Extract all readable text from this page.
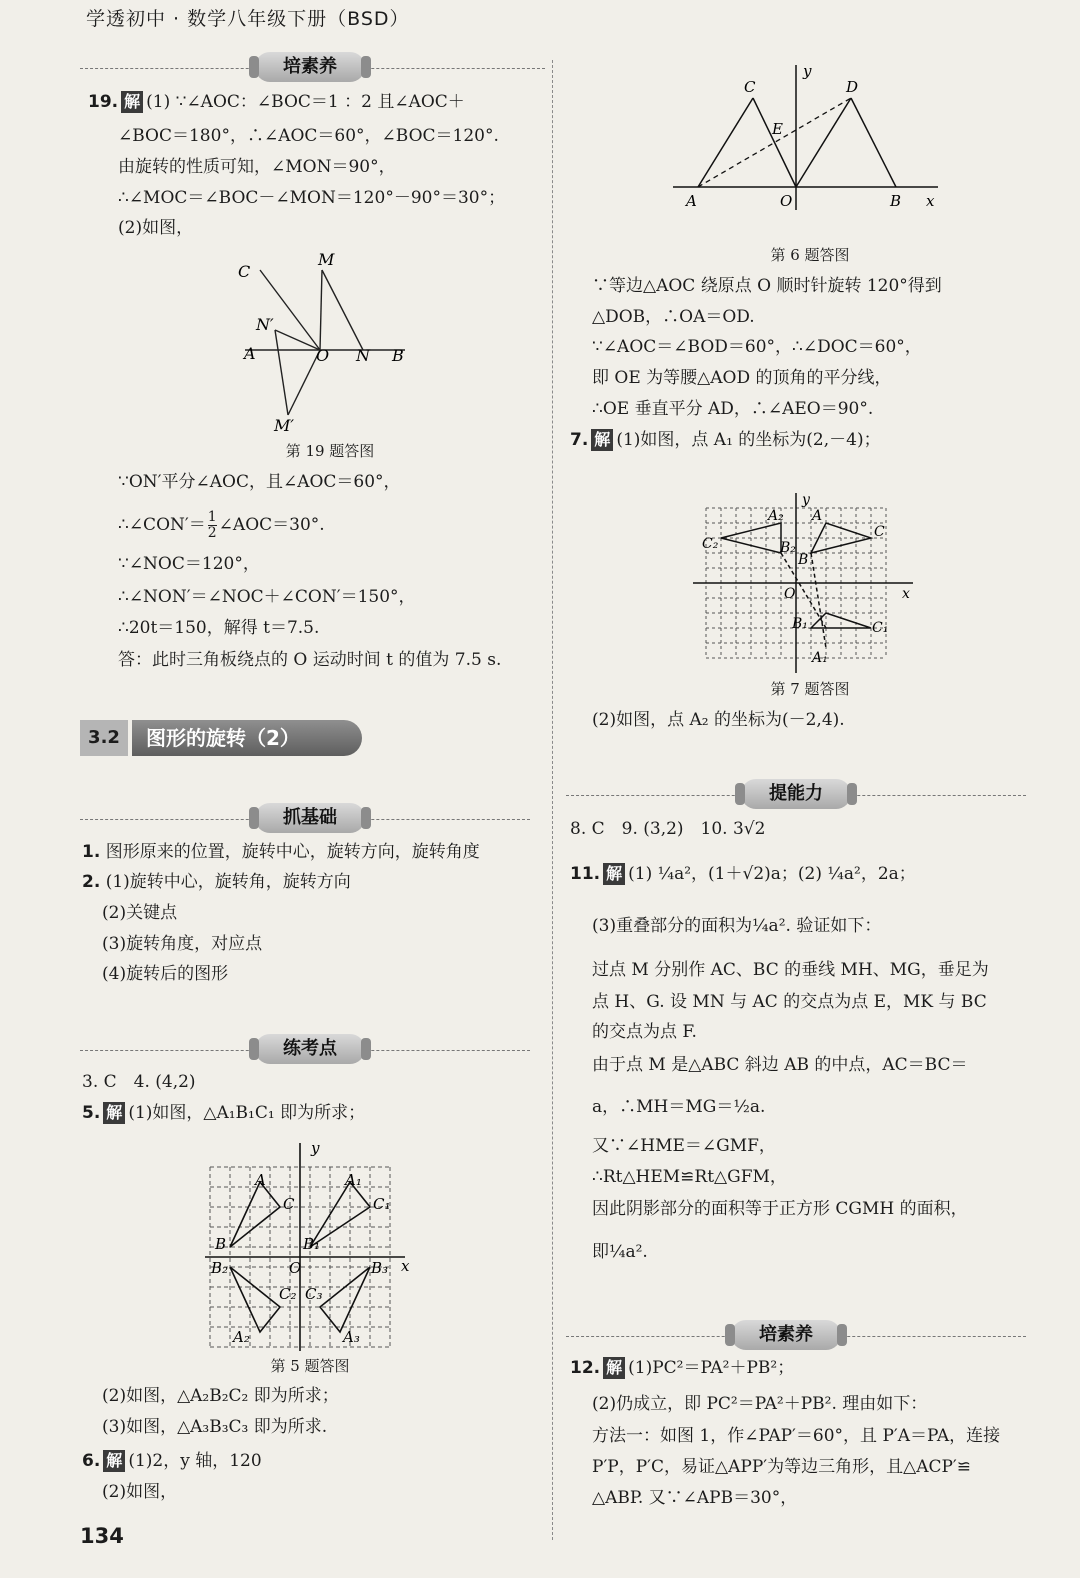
学透初中 · 数学八年级下册（BSD）
培素养
19. 解 (1) ∵∠AOC：∠BOC＝1 ：2 且∠AOC＋
∠BOC＝180°，∴∠AOC＝60°，∠BOC＝120°.
由旋转的性质可知，∠MON＝90°，
∴∠MOC＝∠BOC－∠MON＝120°－90°＝30°；
(2)如图，
C
M
N′
A	O N B
M′
第 19 题答图
∵ON′平分∠AOC，且∠AOC＝60°，
∴∠CON′＝ $\frac{1}{2}$ ∠AOC＝30°.
∵∠NOC＝120°，
∴∠NON′＝∠NOC＋∠CON′＝150°，
∴20t＝150，解得 t＝7.5.
答：此时三角板绕点的 O 运动时间 t 的值为 7.5 s.
3.2	图形的旋转（2）
抓基础
1. 图形原来的位置，旋转中心，旋转方向，旋转角度
2. (1)旋转中心，旋转角，旋转方向
(2)关键点
(3)旋转角度，对应点
(4)旋转后的图形
练考点
3. C　4. (4,2)
5. 解 (1)如图，△A₁B₁C₁ 即为所求；
y
x
O
A
C
B
A₁
C₁
B₁
B₂
C₂ C₃
B₃
A₂	A₃
第 5 题答图
(2)如图，△A₂B₂C₂ 即为所求；
(3)如图，△A₃B₃C₃ 即为所求.
6. 解 (1)2，y 轴，120
(2)如图，
134
y
x
C	D
E
A	O	B
第 6 题答图
∵等边△AOC 绕原点 O 顺时针旋转 120°得到
△DOB，∴OA＝OD.
∵∠AOC＝∠BOD＝60°，∴∠DOC＝60°，
即 OE 为等腰△AOD 的顶角的平分线，
∴OE 垂直平分 AD，∴∠AEO＝90°.
7. 解 (1)如图，点 A₁ 的坐标为(2,－4)；
y
x
O
C₂
A₂
B₂
A
C
B
B₁	C₁
A₁
第 7 题答图
(2)如图，点 A₂ 的坐标为(－2,4).
提能力
8. C　9. (3,2)　10. 3√2
11. 解 (1) ¼a²，(1＋√2)a；(2) ¼a²，2a；
(3)重叠部分的面积为¼a². 验证如下：
过点 M 分别作 AC、BC 的垂线 MH、MG，垂足为
点 H、G. 设 MN 与 AC 的交点为点 E，MK 与 BC
的交点为点 F.
由于点 M 是△ABC 斜边 AB 的中点，AC＝BC＝
a，∴MH＝MG＝½a.
又∵∠HME＝∠GMF，
∴Rt△HEM≌Rt△GFM，
因此阴影部分的面积等于正方形 CGMH 的面积，
即¼a².
培素养
12. 解 (1)PC²＝PA²＋PB²；
(2)仍成立，即 PC²＝PA²＋PB². 理由如下：
方法一：如图 1，作∠PAP′＝60°，且 P′A＝PA，连接
P′P，P′C，易证△APP′为等边三角形，且△ACP′≌
△ABP. 又∵∠APB＝30°，
